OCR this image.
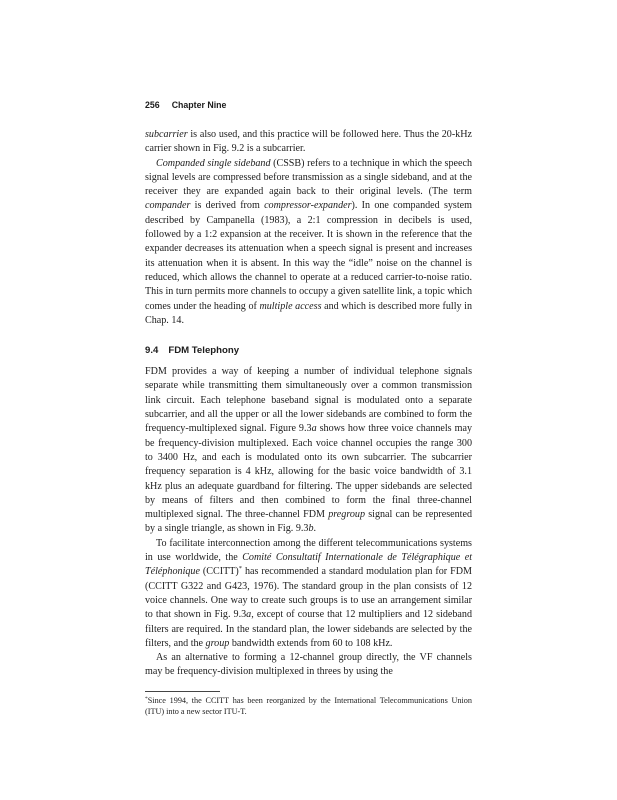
256 Chapter Nine

subcarrier is also used, and this practice will be followed here. Thus the 20-kHz carrier shown in Fig. 9.2 is a subcarrier.

Companded single sideband (CSSB) refers to a technique in which the speech signal levels are compressed before transmission as a single sideband, and at the receiver they are expanded again back to their original levels. (The term compander is derived from compressor-expander). In one companded system described by Campanella (1983), a 2:1 compression in decibels is used, followed by a 1:2 expansion at the receiver. It is shown in the reference that the expander decreases its attenuation when a speech signal is present and increases its attenuation when it is absent. In this way the “idle” noise on the channel is reduced, which allows the channel to operate at a reduced carrier-to-noise ratio. This in turn permits more channels to occupy a given satellite link, a topic which comes under the heading of multiple access and which is described more fully in Chap. 14.

9.4 FDM Telephony

FDM provides a way of keeping a number of individual telephone signals separate while transmitting them simultaneously over a common transmission link circuit. Each telephone baseband signal is modulated onto a separate subcarrier, and all the upper or all the lower sidebands are combined to form the frequency-multiplexed signal. Figure 9.3a shows how three voice channels may be frequency-division multiplexed. Each voice channel occupies the range 300 to 3400 Hz, and each is modulated onto its own subcarrier. The subcarrier frequency separation is 4 kHz, allowing for the basic voice bandwidth of 3.1 kHz plus an adequate guardband for filtering. The upper sidebands are selected by means of filters and then combined to form the final three-channel multiplexed signal. The three-channel FDM pregroup signal can be represented by a single triangle, as shown in Fig. 9.3b.

To facilitate interconnection among the different telecommunications systems in use worldwide, the Comité Consultatif Internationale de Télégraphique et Téléphonique (CCITT)* has recommended a standard modulation plan for FDM (CCITT G322 and G423, 1976). The standard group in the plan consists of 12 voice channels. One way to create such groups is to use an arrangement similar to that shown in Fig. 9.3a, except of course that 12 multipliers and 12 sideband filters are required. In the standard plan, the lower sidebands are selected by the filters, and the group bandwidth extends from 60 to 108 kHz.

As an alternative to forming a 12-channel group directly, the VF channels may be frequency-division multiplexed in threes by using the

*Since 1994, the CCITT has been reorganized by the International Telecommunications Union (ITU) into a new sector ITU-T.
